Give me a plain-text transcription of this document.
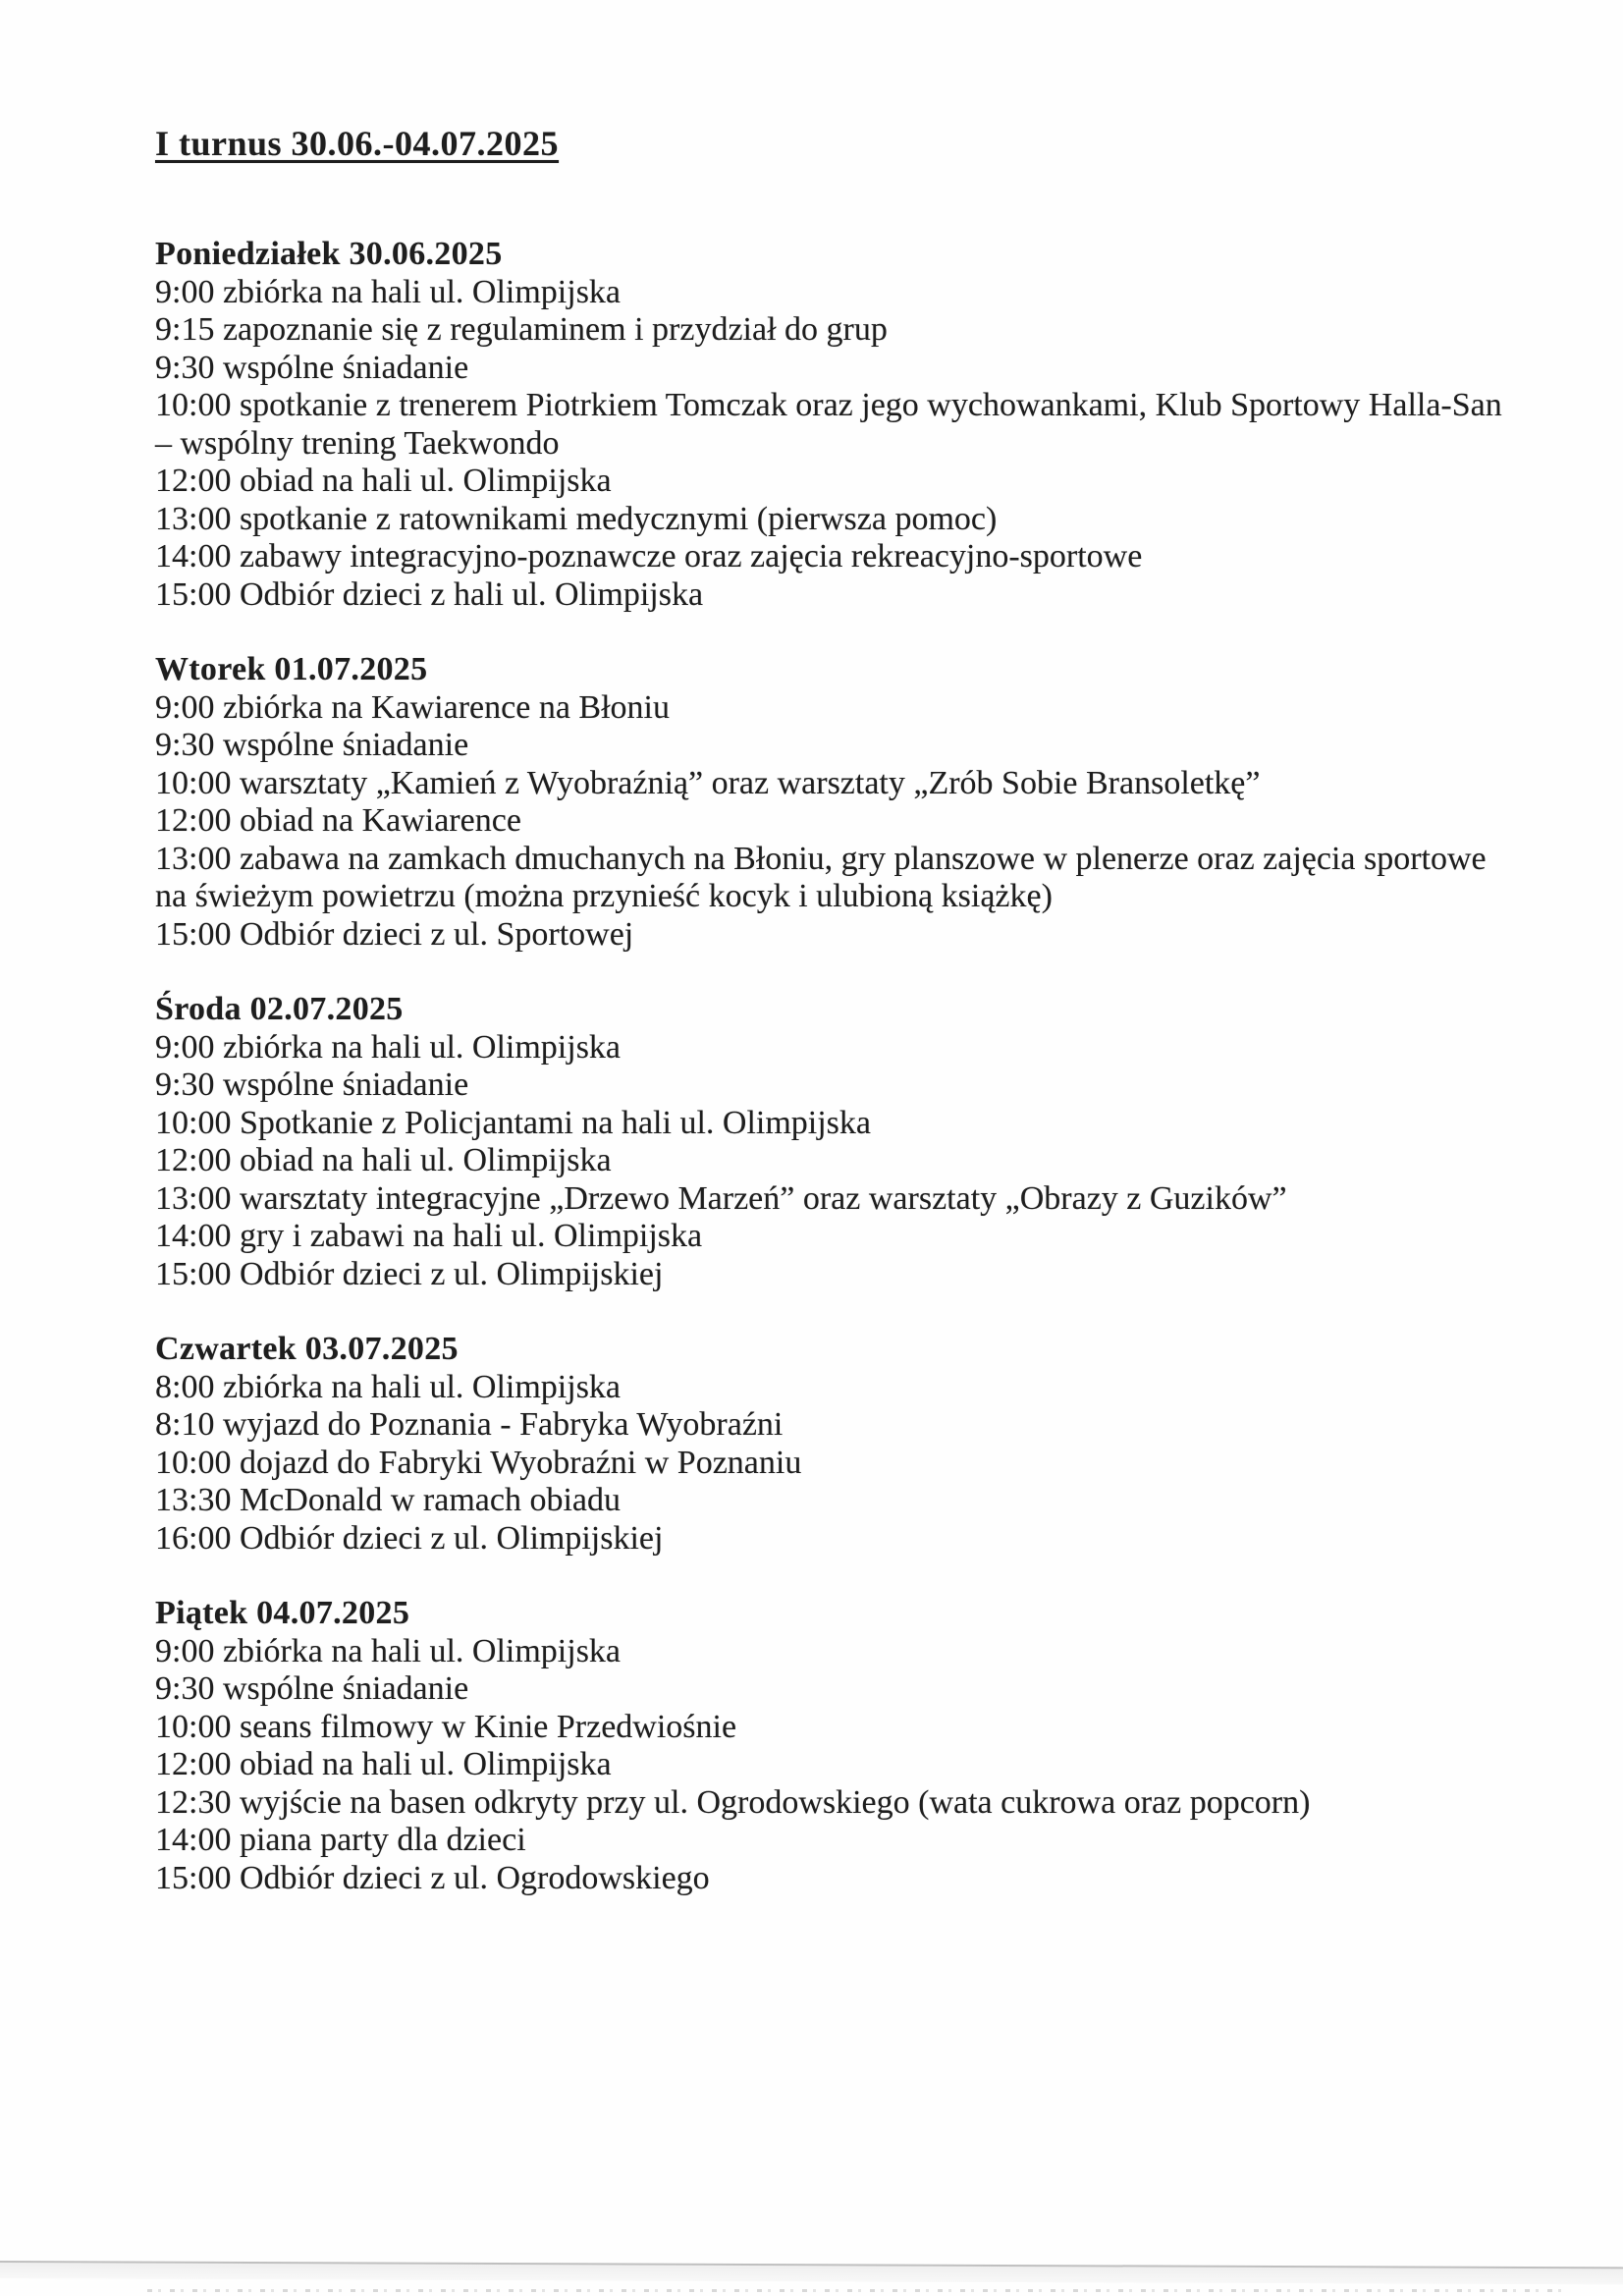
I turnus 30.06.-04.07.2025
Poniedziałek 30.06.2025

9:00 zbiórka na hali ul. Olimpijska

9:15 zapoznanie się z regulaminem i przydział do grup

9:30 wspólne śniadanie

10:00 spotkanie z trenerem Piotrkiem Tomczak oraz jego wychowankami, Klub Sportowy Halla-San

– wspólny trening Taekwondo

12:00 obiad na hali ul. Olimpijska

13:00 spotkanie z ratownikami medycznymi (pierwsza pomoc)

14:00 zabawy integracyjno-poznawcze oraz zajęcia rekreacyjno-sportowe

15:00 Odbiór dzieci z hali ul. Olimpijska

Wtorek 01.07.2025

9:00 zbiórka na Kawiarence na Błoniu

9:30 wspólne śniadanie

10:00 warsztaty „Kamień z Wyobraźnią” oraz warsztaty „Zrób Sobie Bransoletkę”

12:00 obiad na Kawiarence

13:00 zabawa na zamkach dmuchanych na Błoniu, gry planszowe w plenerze oraz zajęcia sportowe

na świeżym powietrzu (można przynieść kocyk i ulubioną książkę)

15:00 Odbiór dzieci z ul. Sportowej

Środa 02.07.2025

9:00 zbiórka na hali ul. Olimpijska

9:30 wspólne śniadanie

10:00 Spotkanie z Policjantami na hali ul. Olimpijska

12:00 obiad na hali ul. Olimpijska

13:00 warsztaty integracyjne „Drzewo Marzeń” oraz warsztaty „Obrazy z Guzików”

14:00 gry i zabawi na hali ul. Olimpijska

15:00 Odbiór dzieci z ul. Olimpijskiej

Czwartek 03.07.2025

8:00 zbiórka na hali ul. Olimpijska

8:10 wyjazd do Poznania - Fabryka Wyobraźni

10:00 dojazd do Fabryki Wyobraźni w Poznaniu

13:30 McDonald w ramach obiadu

16:00 Odbiór dzieci z ul. Olimpijskiej

Piątek 04.07.2025

9:00 zbiórka na hali ul. Olimpijska

9:30 wspólne śniadanie

10:00 seans filmowy w Kinie Przedwiośnie

12:00 obiad na hali ul. Olimpijska

12:30 wyjście na basen odkryty przy ul. Ogrodowskiego (wata cukrowa oraz popcorn)

14:00 piana party dla dzieci

15:00 Odbiór dzieci z ul. Ogrodowskiego
